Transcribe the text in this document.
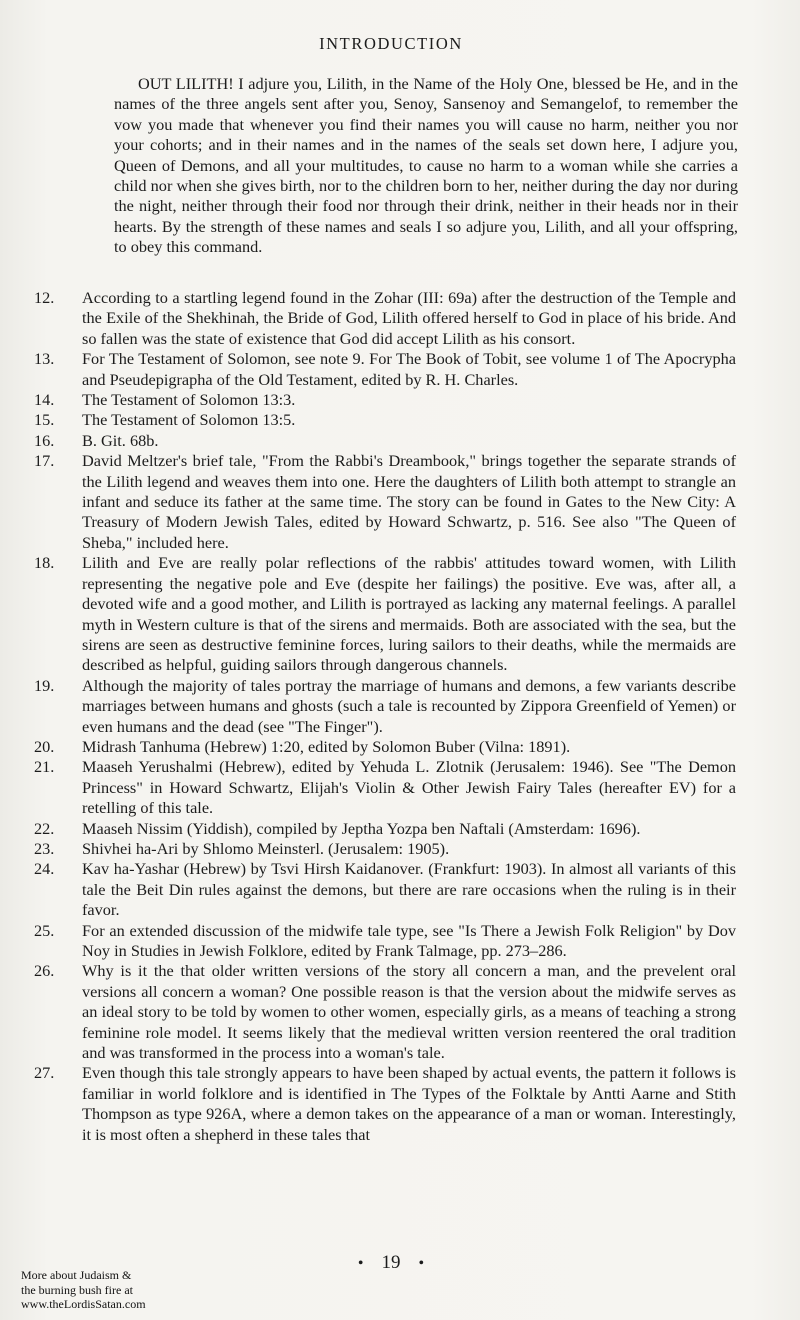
INTRODUCTION

OUT LILITH! I adjure you, Lilith, in the Name of the Holy One, blessed be He, and in the names of the three angels sent after you, Senoy, Sansenoy and Semangelof, to remember the vow you made that whenever you find their names you will cause no harm, neither you nor your cohorts; and in their names and in the names of the seals set down here, I adjure you, Queen of Demons, and all your multitudes, to cause no harm to a woman while she carries a child nor when she gives birth, nor to the children born to her, neither during the day nor during the night, neither through their food nor through their drink, neither in their heads nor in their hearts. By the strength of these names and seals I so adjure you, Lilith, and all your offspring, to obey this command.

12.	According to a startling legend found in the Zohar (III: 69a) after the destruction of the Temple and the Exile of the Shekhinah, the Bride of God, Lilith offered herself to God in place of his bride. And so fallen was the state of existence that God did accept Lilith as his consort.
13.	For The Testament of Solomon, see note 9. For The Book of Tobit, see volume 1 of The Apocrypha and Pseudepigrapha of the Old Testament, edited by R. H. Charles.
14.	The Testament of Solomon 13:3.
15.	The Testament of Solomon 13:5.
16.	B. Git. 68b.
17.	David Meltzer's brief tale, "From the Rabbi's Dreambook," brings together the separate strands of the Lilith legend and weaves them into one. Here the daughters of Lilith both attempt to strangle an infant and seduce its father at the same time. The story can be found in Gates to the New City: A Treasury of Modern Jewish Tales, edited by Howard Schwartz, p. 516. See also "The Queen of Sheba," included here.
18.	Lilith and Eve are really polar reflections of the rabbis' attitudes toward women, with Lilith representing the negative pole and Eve (despite her failings) the positive. Eve was, after all, a devoted wife and a good mother, and Lilith is portrayed as lacking any maternal feelings. A parallel myth in Western culture is that of the sirens and mermaids. Both are associated with the sea, but the sirens are seen as destructive feminine forces, luring sailors to their deaths, while the mermaids are described as helpful, guiding sailors through dangerous channels.
19.	Although the majority of tales portray the marriage of humans and demons, a few variants describe marriages between humans and ghosts (such a tale is recounted by Zippora Greenfield of Yemen) or even humans and the dead (see "The Finger").
20.	Midrash Tanhuma (Hebrew) 1:20, edited by Solomon Buber (Vilna: 1891).
21.	Maaseh Yerushalmi (Hebrew), edited by Yehuda L. Zlotnik (Jerusalem: 1946). See "The Demon Princess" in Howard Schwartz, Elijah's Violin & Other Jewish Fairy Tales (hereafter EV) for a retelling of this tale.
22.	Maaseh Nissim (Yiddish), compiled by Jeptha Yozpa ben Naftali (Amsterdam: 1696).
23.	Shivhei ha-Ari by Shlomo Meinsterl. (Jerusalem: 1905).
24.	Kav ha-Yashar (Hebrew) by Tsvi Hirsh Kaidanover. (Frankfurt: 1903). In almost all variants of this tale the Beit Din rules against the demons, but there are rare occasions when the ruling is in their favor.
25.	For an extended discussion of the midwife tale type, see "Is There a Jewish Folk Religion" by Dov Noy in Studies in Jewish Folklore, edited by Frank Talmage, pp. 273–286.
26.	Why is it the that older written versions of the story all concern a man, and the prevelent oral versions all concern a woman? One possible reason is that the version about the midwife serves as an ideal story to be told by women to other women, especially girls, as a means of teaching a strong feminine role model. It seems likely that the medieval written version reentered the oral tradition and was transformed in the process into a woman's tale.
27.	Even though this tale strongly appears to have been shaped by actual events, the pattern it follows is familiar in world folklore and is identified in The Types of the Folktale by Antti Aarne and Stith Thompson as type 926A, where a demon takes on the appearance of a man or woman. Interestingly, it is most often a shepherd in these tales that
• 19 •
More about Judaism &
the burning bush fire at
www.theLordisSatan.com
